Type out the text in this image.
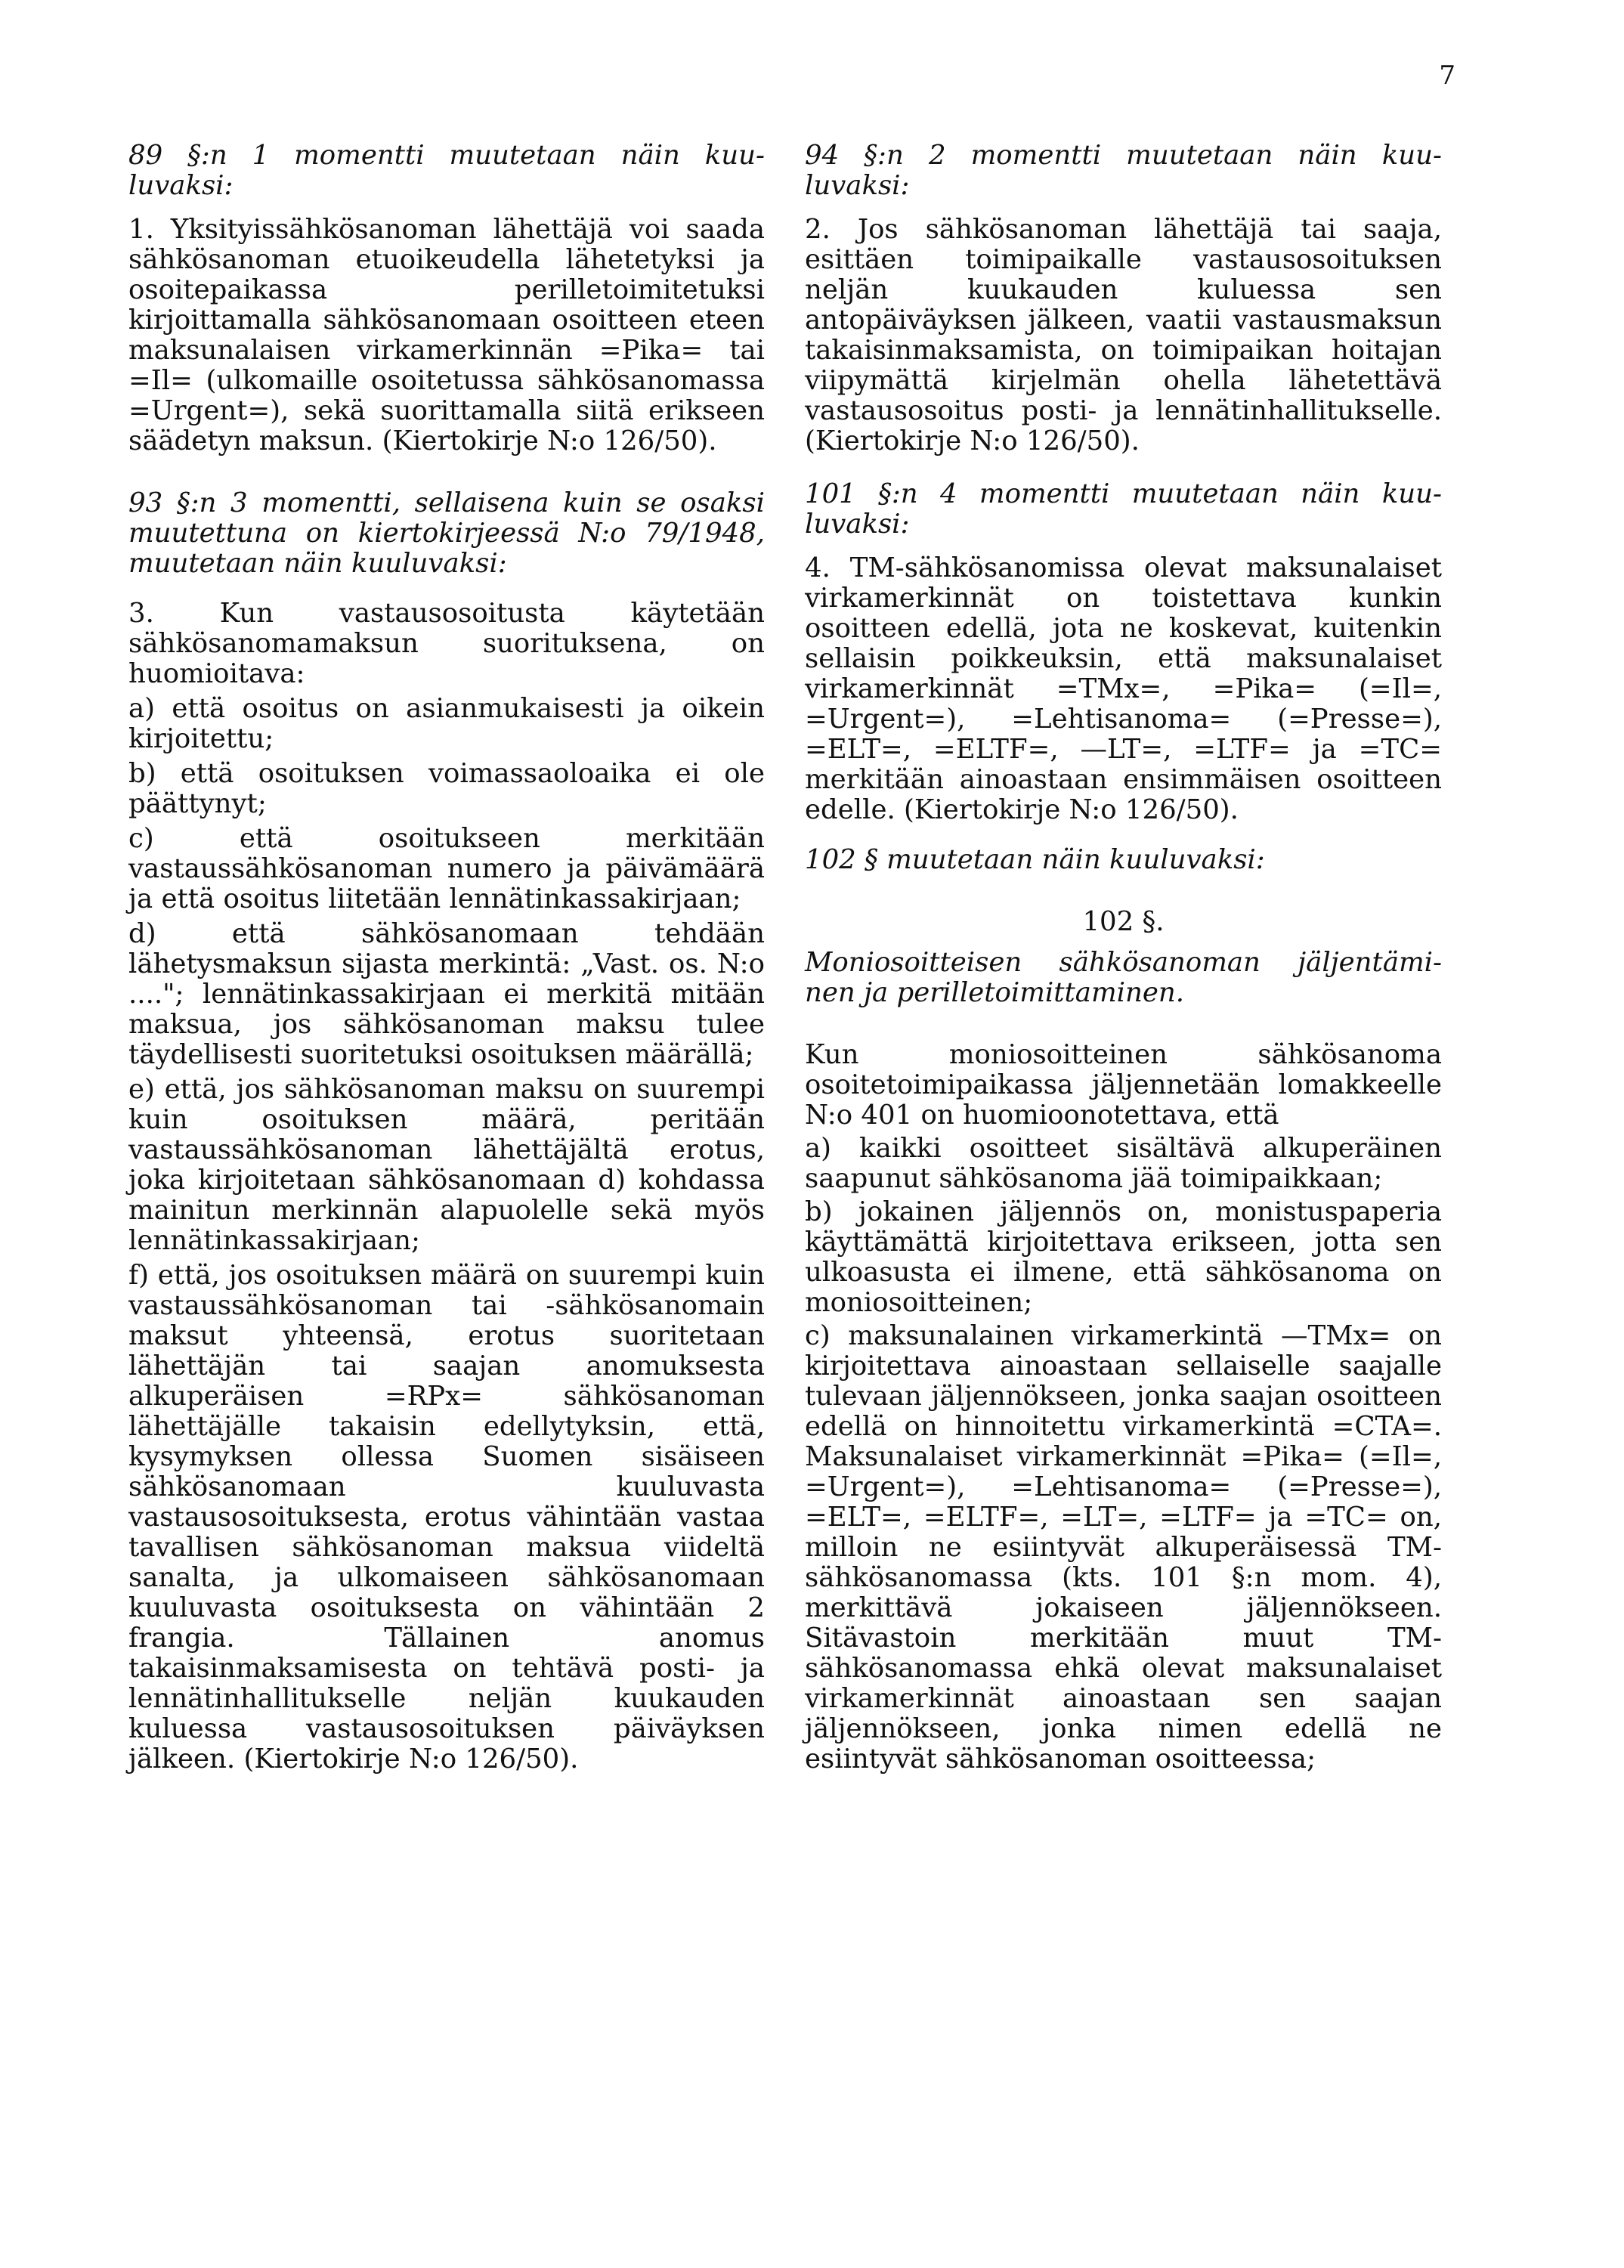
7
89 §:n 1 momentti muutetaan näin kuu- luvaksi:
1. Yksityissähkösanoman lähettäjä voi saada sähkösanoman etuoikeudella lähetetyksi ja osoitepaikassa perilletoimitetuksi kirjoittamalla sähkösanomaan osoitteen eteen maksunalaisen virkamerkinnän =Pika= tai =Il= (ulkomaille osoitetussa sähkösanomassa =Urgent=), sekä suorittamalla siitä erikseen säädetyn maksun. (Kiertokirje N:o 126/50).
93 §:n 3 momentti, sellaisena kuin se osaksi muutettuna on kiertokirjeessä N:o 79/1948, muutetaan näin kuuluvaksi:
3. Kun vastausosoitusta käytetään sähkösanomamaksun suorituksena, on huomioitava:
a) että osoitus on asianmukaisesti ja oikein kirjoitettu;
b) että osoituksen voimassaoloaika ei ole päättynyt;
c) että osoitukseen merkitään vastaussähkösanoman numero ja päivämäärä ja että osoitus liitetään lennätinkassakirjaan;
d) että sähkösanomaan tehdään lähetysmaksun sijasta merkintä: „Vast. os. N:o ...."; lennätinkassakirjaan ei merkitä mitään maksua, jos sähkösanoman maksu tulee täydellisesti suoritetuksi osoituksen määrällä;
e) että, jos sähkösanoman maksu on suurempi kuin osoituksen määrä, peritään vastaussähkösanoman lähettäjältä erotus, joka kirjoitetaan sähkösanomaan d) kohdassa mainitun merkinnän alapuolelle sekä myös lennätinkassakirjaan;
f) että, jos osoituksen määrä on suurempi kuin vastaussähkösanoman tai -sähkösanomain maksut yhteensä, erotus suoritetaan lähettäjän tai saajan anomuksesta alkuperäisen =RPx= sähkösanoman lähettäjälle takaisin edellytyksin, että, kysymyksen ollessa Suomen sisäiseen sähkösanomaan kuuluvasta vastausosoituksesta, erotus vähintään vastaa tavallisen sähkösanoman maksua viideltä sanalta, ja ulkomaiseen sähkösanomaan kuuluvasta osoituksesta on vähintään 2 frangia. Tällainen anomus takaisinmaksamisesta on tehtävä posti- ja lennätinhallitukselle neljän kuukauden kuluessa vastausosoituksen päiväyksen jälkeen. (Kiertokirje N:o 126/50).
94 §:n 2 momentti muutetaan näin kuu- luvaksi:
2. Jos sähkösanoman lähettäjä tai saaja, esittäen toimipaikalle vastausosoituksen neljän kuukauden kuluessa sen antopäiväyksen jälkeen, vaatii vastausmaksun takaisinmaksamista, on toimipaikan hoitajan viipymättä kirjelmän ohella lähetettävä vastausosoitus posti- ja lennätinhallitukselle. (Kiertokirje N:o 126/50).
101 §:n 4 momentti muutetaan näin kuu- luvaksi:
4. TM-sähkösanomissa olevat maksunalaiset virkamerkinnät on toistettava kunkin osoitteen edellä, jota ne koskevat, kuitenkin sellaisin poikkeuksin, että maksunalaiset virkamerkinnät =TMx=, =Pika= (=Il=, =Urgent=), =Lehtisanoma= (=Presse=), =ELT=, =ELTF=, —LT=, =LTF= ja =TC= merkitään ainoastaan ensimmäisen osoitteen edelle. (Kiertokirje N:o 126/50).
102 § muutetaan näin kuuluvaksi:
102 §.
Moniosoitteisen sähkösanoman jäljentämi- nen ja perilletoimittaminen.
Kun moniosoitteinen sähkösanoma osoitetoimipaikassa jäljennetään lomakkeelle N:o 401 on huomioonotettava, että
a) kaikki osoitteet sisältävä alkuperäinen saapunut sähkösanoma jää toimipaikkaan;
b) jokainen jäljennös on, monistuspaperia käyttämättä kirjoitettava erikseen, jotta sen ulkoasusta ei ilmene, että sähkösanoma on moniosoitteinen;
c) maksunalainen virkamerkintä —TMx= on kirjoitettava ainoastaan sellaiselle saajalle tulevaan jäljennökseen, jonka saajan osoitteen edellä on hinnoitettu virkamerkintä =CTA=. Maksunalaiset virkamerkinnät =Pika= (=Il=, =Urgent=), =Lehtisanoma= (=Presse=), =ELT=, =ELTF=, =LT=, =LTF= ja =TC= on, milloin ne esiintyvät alkuperäisessä TM-sähkösanomassa (kts. 101 §:n mom. 4), merkittävä jokaiseen jäljennökseen. Sitävastoin merkitään muut TM-sähkösanomassa ehkä olevat maksunalaiset virkamerkinnät ainoastaan sen saajan jäljennökseen, jonka nimen edellä ne esiintyvät sähkösanoman osoitteessa;
